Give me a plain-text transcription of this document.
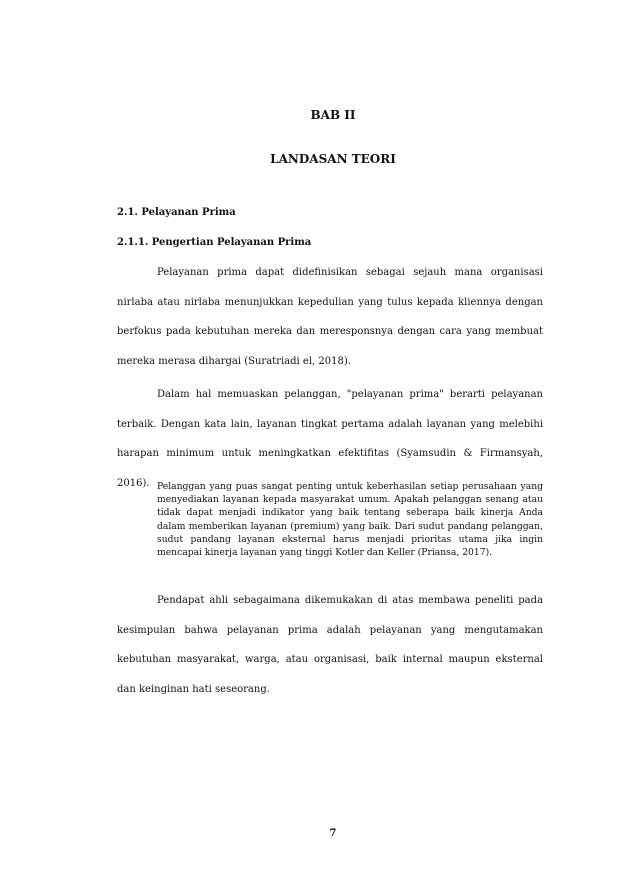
BAB II
LANDASAN TEORI
2.1. Pelayanan Prima
2.1.1. Pengertian Pelayanan Prima

Pelayanan prima dapat didefinisikan sebagai sejauh mana organisasi nirlaba atau nirlaba menunjukkan kepedulian yang tulus kepada kliennya dengan berfokus pada kebutuhan mereka dan meresponsnya dengan cara yang membuat mereka merasa dihargai (Suratriadi el, 2018).

Dalam hal memuaskan pelanggan, "pelayanan prima" berarti pelayanan terbaik. Dengan kata lain, layanan tingkat pertama adalah layanan yang melebihi harapan minimum untuk meningkatkan efektifitas (Syamsudin & Firmansyah, 2016). Pelanggan yang puas sangat penting untuk keberhasilan setiap perusahaan yang menyediakan layanan kepada masyarakat umum. Apakah pelanggan senang atau tidak dapat menjadi indikator yang baik tentang seberapa baik kinerja Anda dalam memberikan layanan (premium) yang baik. Dari sudut pandang pelanggan, sudut pandang layanan eksternal harus menjadi prioritas utama jika ingin mencapai kinerja layanan yang tinggi Kotler dan Keller (Priansa, 2017).

Pendapat ahli sebagaimana dikemukakan di atas membawa peneliti pada kesimpulan bahwa pelayanan prima adalah pelayanan yang mengutamakan kebutuhan masyarakat, warga, atau organisasi, baik internal maupun eksternal dan keinginan hati seseorang.

7
